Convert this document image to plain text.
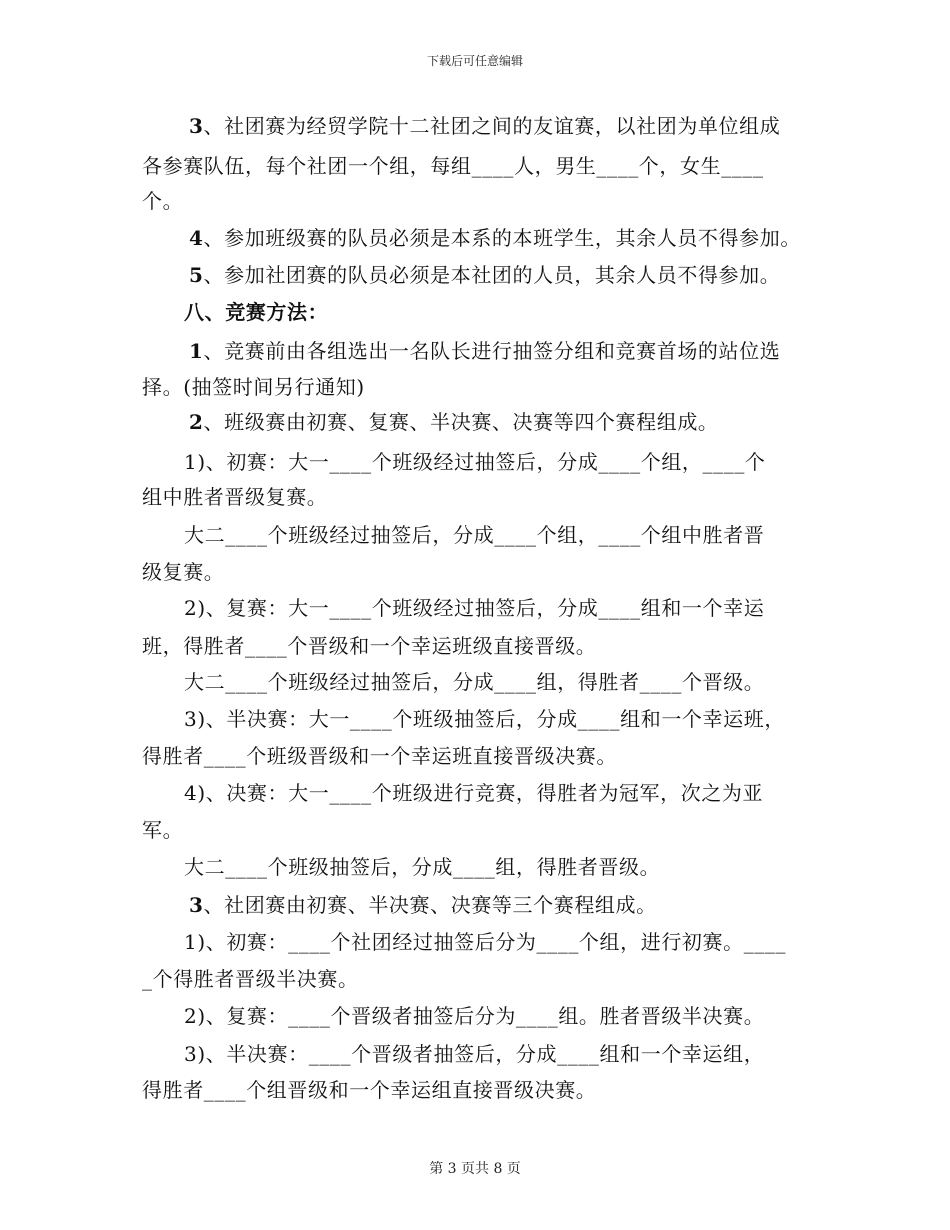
下载后可任意编辑
3、社团赛为经贸学院十二社团之间的友谊赛，以社团为单位组成
各参赛队伍，每个社团一个组，每组____人，男生____个，女生____
个。
4、参加班级赛的队员必须是本系的本班学生，其余人员不得参加。
5、参加社团赛的队员必须是本社团的人员，其余人员不得参加。
八、竞赛方法：
1、竞赛前由各组选出一名队长进行抽签分组和竞赛首场的站位选
择。(抽签时间另行通知)
2、班级赛由初赛、复赛、半决赛、决赛等四个赛程组成。
1)、初赛：大一____个班级经过抽签后，分成____个组，____个
组中胜者晋级复赛。
大二____个班级经过抽签后，分成____个组，____个组中胜者晋
级复赛。
2)、复赛：大一____个班级经过抽签后，分成____组和一个幸运
班，得胜者____个晋级和一个幸运班级直接晋级。
大二____个班级经过抽签后，分成____组，得胜者____个晋级。
3)、半决赛：大一____个班级抽签后，分成____组和一个幸运班，
得胜者____个班级晋级和一个幸运班直接晋级决赛。
4)、决赛：大一____个班级进行竞赛，得胜者为冠军，次之为亚
军。
大二____个班级抽签后，分成____组，得胜者晋级。
3、社团赛由初赛、半决赛、决赛等三个赛程组成。
1)、初赛：____个社团经过抽签后分为____个组，进行初赛。____
_个得胜者晋级半决赛。
2)、复赛：____个晋级者抽签后分为____组。胜者晋级半决赛。
3)、半决赛：____个晋级者抽签后，分成____组和一个幸运组，
得胜者____个组晋级和一个幸运组直接晋级决赛。
第 3 页共 8 页
